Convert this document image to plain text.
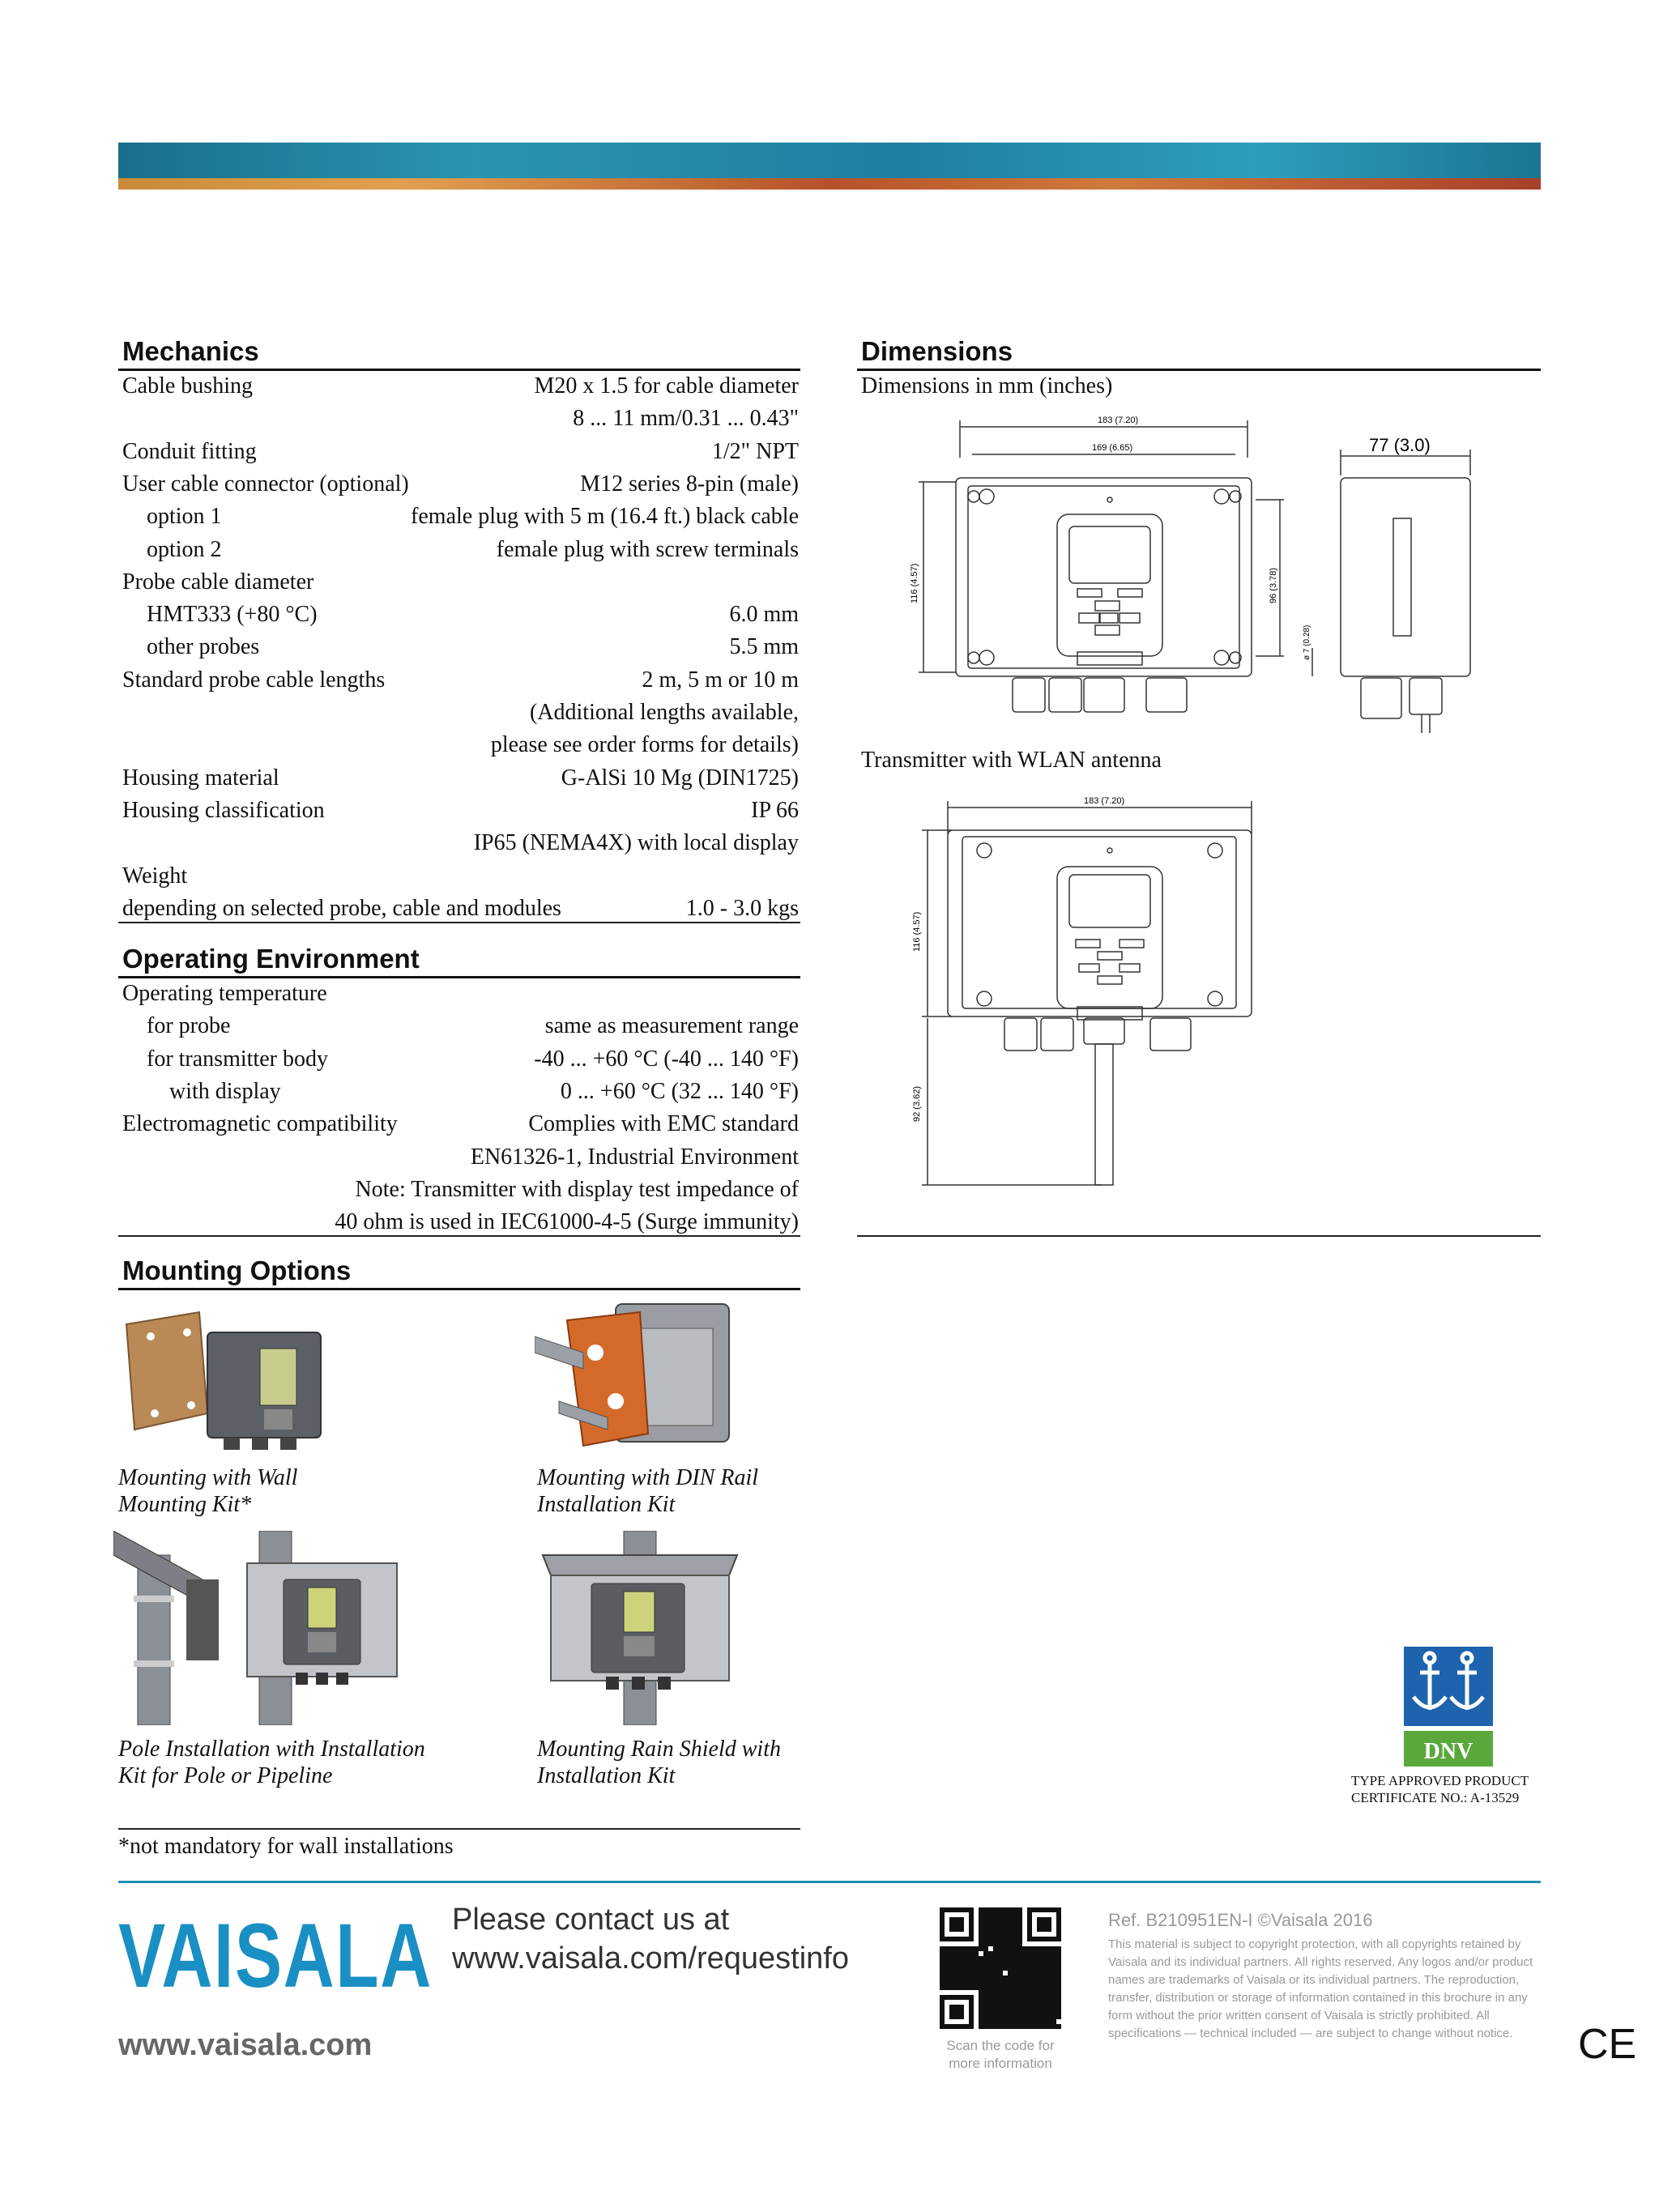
Mechanics
Cable bushing	M20 x 1.5 for cable diameter
8 ... 11 mm/0.31 ... 0.43"
Conduit fitting	1/2" NPT
User cable connector (optional)	M12 series 8-pin (male)
option 1	female plug with 5 m (16.4 ft.) black cable
option 2	female plug with screw terminals
Probe cable diameter
HMT333 (+80 °C)	6.0 mm
other probes	5.5 mm
Standard probe cable lengths	2 m, 5 m or 10 m
(Additional lengths available,
please see order forms for details)
Housing material	G-AlSi 10 Mg (DIN1725)
Housing classification	IP 66
IP65 (NEMA4X) with local display
Weight
depending on selected probe, cable and modules	1.0 - 3.0 kgs
Operating Environment
Operating temperature
for probe	same as measurement range
for transmitter body	-40 ... +60 °C (-40 ... 140 °F)
with display	0 ... +60 °C (32 ... 140 °F)
Electromagnetic compatibility	Complies with EMC standard
EN61326-1, Industrial Environment
Note: Transmitter with display test impedance of
40 ohm is used in IEC61000-4-5 (Surge immunity)
Mounting Options
Mounting with Wall
Mounting Kit*
Mounting with DIN Rail
Installation Kit
Pole Installation with Installation
Kit for Pole or Pipeline
Mounting Rain Shield with
Installation Kit
*not mandatory for wall installations
Dimensions
Dimensions in mm (inches)
183 (7.20)
169 (6.65)
116 (4.57)	96 (3.78)
ø 7 (0.28)
77 (3.0)
Transmitter with WLAN antenna
183 (7.20)
116 (4.57)
92 (3.62)
DNV
TYPE APPROVED PRODUCT
CERTIFICATE NO.: A-13529
VAISALA Please contact us at
www.vaisala.com/requestinfo
www.vaisala.com	Scan the code for
more information
Ref. B210951EN-I ©Vaisala 2016
This material is subject to copyright protection, with all copyrights retained by Vaisala and its individual partners. All rights reserved. Any logos and/or product names are trademarks of Vaisala or its individual partners. The reproduction, transfer, distribution or storage of information contained in this brochure in any form without the prior written consent of Vaisala is strictly prohibited. All specifications — technical included — are subject to change without notice.	CE
